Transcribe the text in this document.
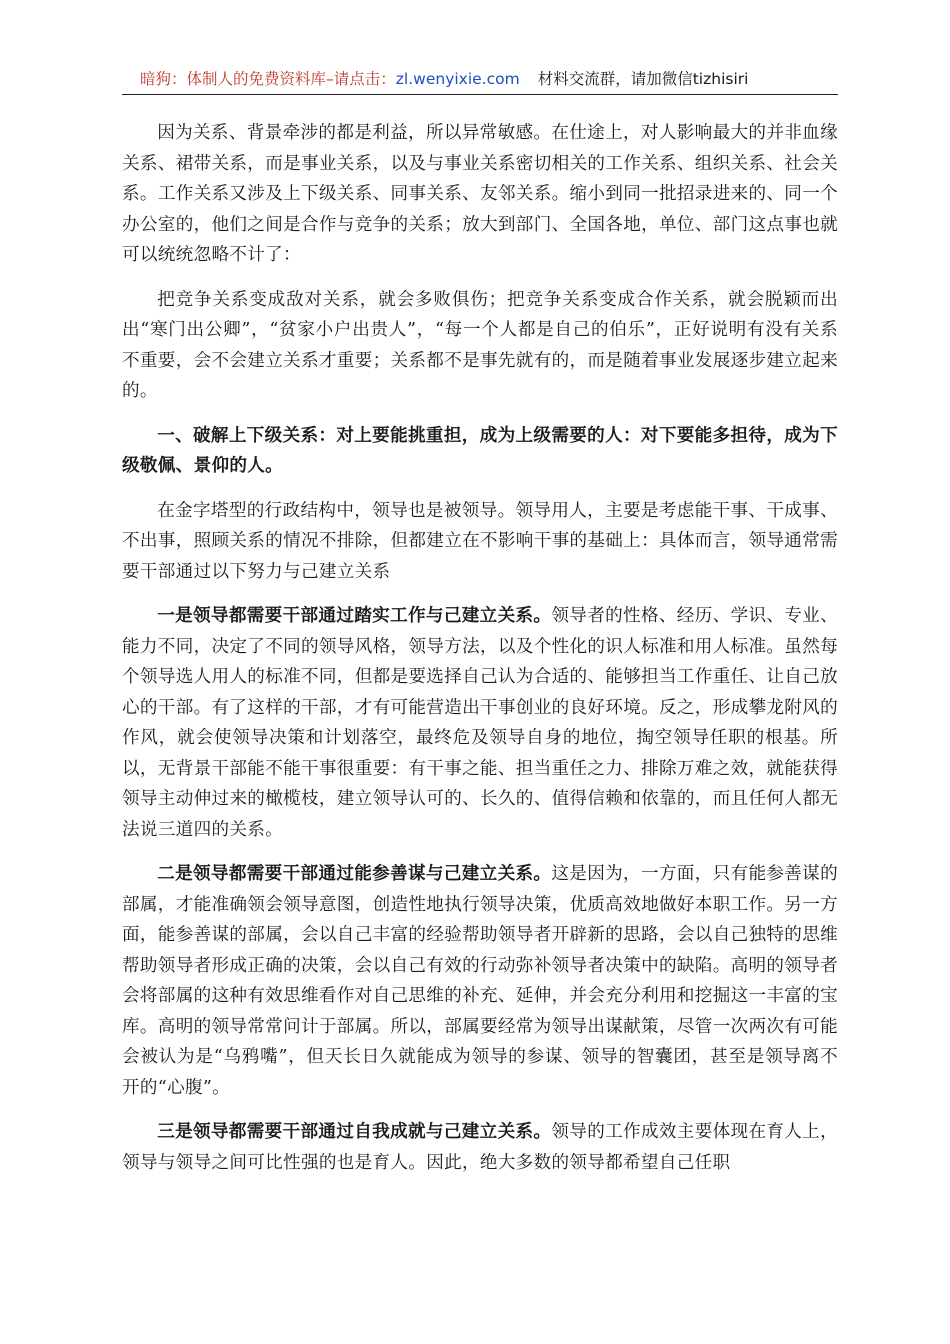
暗狗：体制人的免费资料库–请点击：zl.wenyixie.com 材料交流群，请加微信tizhisiri

因为关系、背景牵涉的都是利益，所以异常敏感。在仕途上，对人影响最大的并非血缘关系、裙带关系，而是事业关系，以及与事业关系密切相关的工作关系、组织关系、社会关系。工作关系又涉及上下级关系、同事关系、友邻关系。缩小到同一批招录进来的、同一个办公室的，他们之间是合作与竞争的关系；放大到部门、全国各地，单位、部门这点事也就可以统统忽略不计了：

把竞争关系变成敌对关系，就会多败俱伤；把竞争关系变成合作关系，就会脱颖而出出“寒门出公卿”，“贫家小户出贵人”，“每一个人都是自己的伯乐”，正好说明有没有关系不重要，会不会建立关系才重要；关系都不是事先就有的，而是随着事业发展逐步建立起来的。

一、破解上下级关系：对上要能挑重担，成为上级需要的人：对下要能多担待，成为下级敬佩、景仰的人。

在金字塔型的行政结构中，领导也是被领导。领导用人，主要是考虑能干事、干成事、不出事，照顾关系的情况不排除，但都建立在不影响干事的基础上：具体而言，领导通常需要干部通过以下努力与己建立关系

一是领导都需要干部通过踏实工作与己建立关系。领导者的性格、经历、学识、专业、能力不同，决定了不同的领导风格，领导方法，以及个性化的识人标准和用人标准。虽然每个领导选人用人的标准不同，但都是要选择自己认为合适的、能够担当工作重任、让自己放心的干部。有了这样的干部，才有可能营造出干事创业的良好环境。反之，形成攀龙附风的作风，就会使领导决策和计划落空，最终危及领导自身的地位，掏空领导任职的根基。所以，无背景干部能不能干事很重要：有干事之能、担当重任之力、排除万难之效，就能获得领导主动伸过来的橄榄枝，建立领导认可的、长久的、值得信赖和依靠的，而且任何人都无法说三道四的关系。

二是领导都需要干部通过能参善谋与己建立关系。这是因为，一方面，只有能参善谋的部属，才能准确领会领导意图，创造性地执行领导决策，优质高效地做好本职工作。另一方面，能参善谋的部属，会以自己丰富的经验帮助领导者开辟新的思路，会以自己独特的思维帮助领导者形成正确的决策，会以自己有效的行动弥补领导者决策中的缺陷。高明的领导者会将部属的这种有效思维看作对自己思维的补充、延伸，并会充分利用和挖掘这一丰富的宝库。高明的领导常常问计于部属。所以，部属要经常为领导出谋献策，尽管一次两次有可能会被认为是“乌鸦嘴”，但天长日久就能成为领导的参谋、领导的智囊团，甚至是领导离不开的“心腹”。

三是领导都需要干部通过自我成就与己建立关系。领导的工作成效主要体现在育人上，领导与领导之间可比性强的也是育人。因此，绝大多数的领导都希望自己任职
